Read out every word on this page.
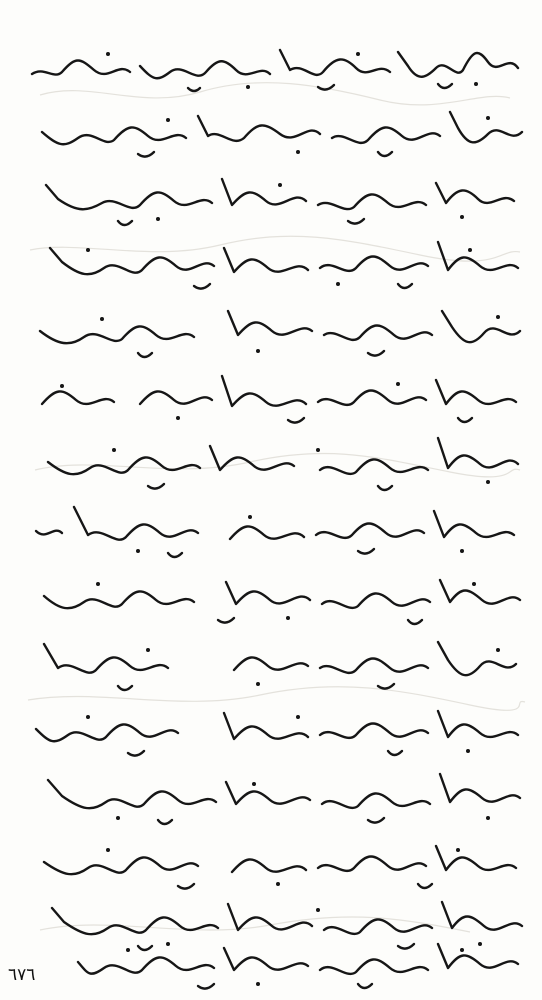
٦٧٦
